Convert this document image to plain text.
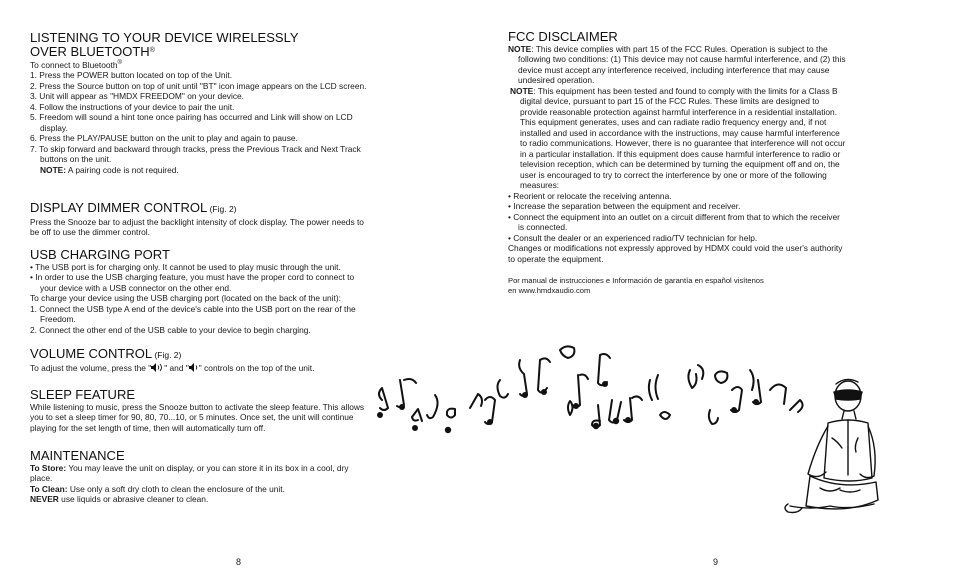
LISTENING TO YOUR DEVICE WIRELESSLY
OVER BLUETOOTH®

To connect to Bluetooth®

1. Press the POWER button located on top of the Unit.

2. Press the Source button on top of unit until "BT" icon image appears on the LCD screen.

3. Unit will appear as "HMDX FREEDOM" on your device.

4. Follow the instructions of your device to pair the unit.

5. Freedom will sound a hint tone once pairing has occurred and Link will show on LCD display.

6. Press the PLAY/PAUSE button on the unit to play and again to pause.

7. To skip forward and backward through tracks, press the Previous Track and Next Track buttons on the unit.

NOTE: A pairing code is not required.

DISPLAY DIMMER CONTROL (Fig. 2)

Press the Snooze bar to adjust the backlight intensity of clock display. The power needs to be off to use the dimmer control.

USB CHARGING PORT

• The USB port is for charging only. It cannot be used to play music through the unit.

• In order to use the USB charging feature, you must have the proper cord to connect to your device with a USB connector on the other end.

To charge your device using the USB charging port (located on the back of the unit):

1. Connect the USB type A end of the device's cable into the USB port on the rear of the Freedom.

2. Connect the other end of the USB cable to your device to begin charging.

VOLUME CONTROL (Fig. 2)

To adjust the volume, press the " " and " " controls on the top of the unit.

SLEEP FEATURE

While listening to music, press the Snooze button to activate the sleep feature. This allows you to set a sleep timer for 90, 80, 70...10, or 5 minutes. Once set, the unit will continue playing for the set length of time, then will automatically turn off.

MAINTENANCE

To Store: You may leave the unit on display, or you can store it in its box in a cool, dry place.

To Clean: Use only a soft dry cloth to clean the enclosure of the unit.

NEVER use liquids or abrasive cleaner to clean.

8
FCC DISCLAIMER

NOTE: This device complies with part 15 of the FCC Rules. Operation is subject to the following two conditions: (1) This device may not cause harmful interference, and (2) this device must accept any interference received, including interference that may cause undesired operation.

NOTE: This equipment has been tested and found to comply with the limits for a Class B digital device, pursuant to part 15 of the FCC Rules. These limits are designed to provide reasonable protection against harmful interference in a residential installation. This equipment generates, uses and can radiate radio frequency energy and, if not installed and used in accordance with the instructions, may cause harmful interference to radio communications. However, there is no guarantee that interference will not occur in a particular installation. If this equipment does cause harmful interference to radio or television reception, which can be determined by turning the equipment off and on, the user is encouraged to try to correct the interference by one or more of the following measures:

• Reorient or relocate the receiving antenna.

• Increase the separation between the equipment and receiver.

• Connect the equipment into an outlet on a circuit different from that to which the receiver is connected.

• Consult the dealer or an experienced radio/TV technician for help.

Changes or modifications not expressly approved by HDMX could void the user's authority to operate the equipment.

Por manual de instrucciones e Información de garantía en español visítenos

en www.hmdxaudio.com

9
